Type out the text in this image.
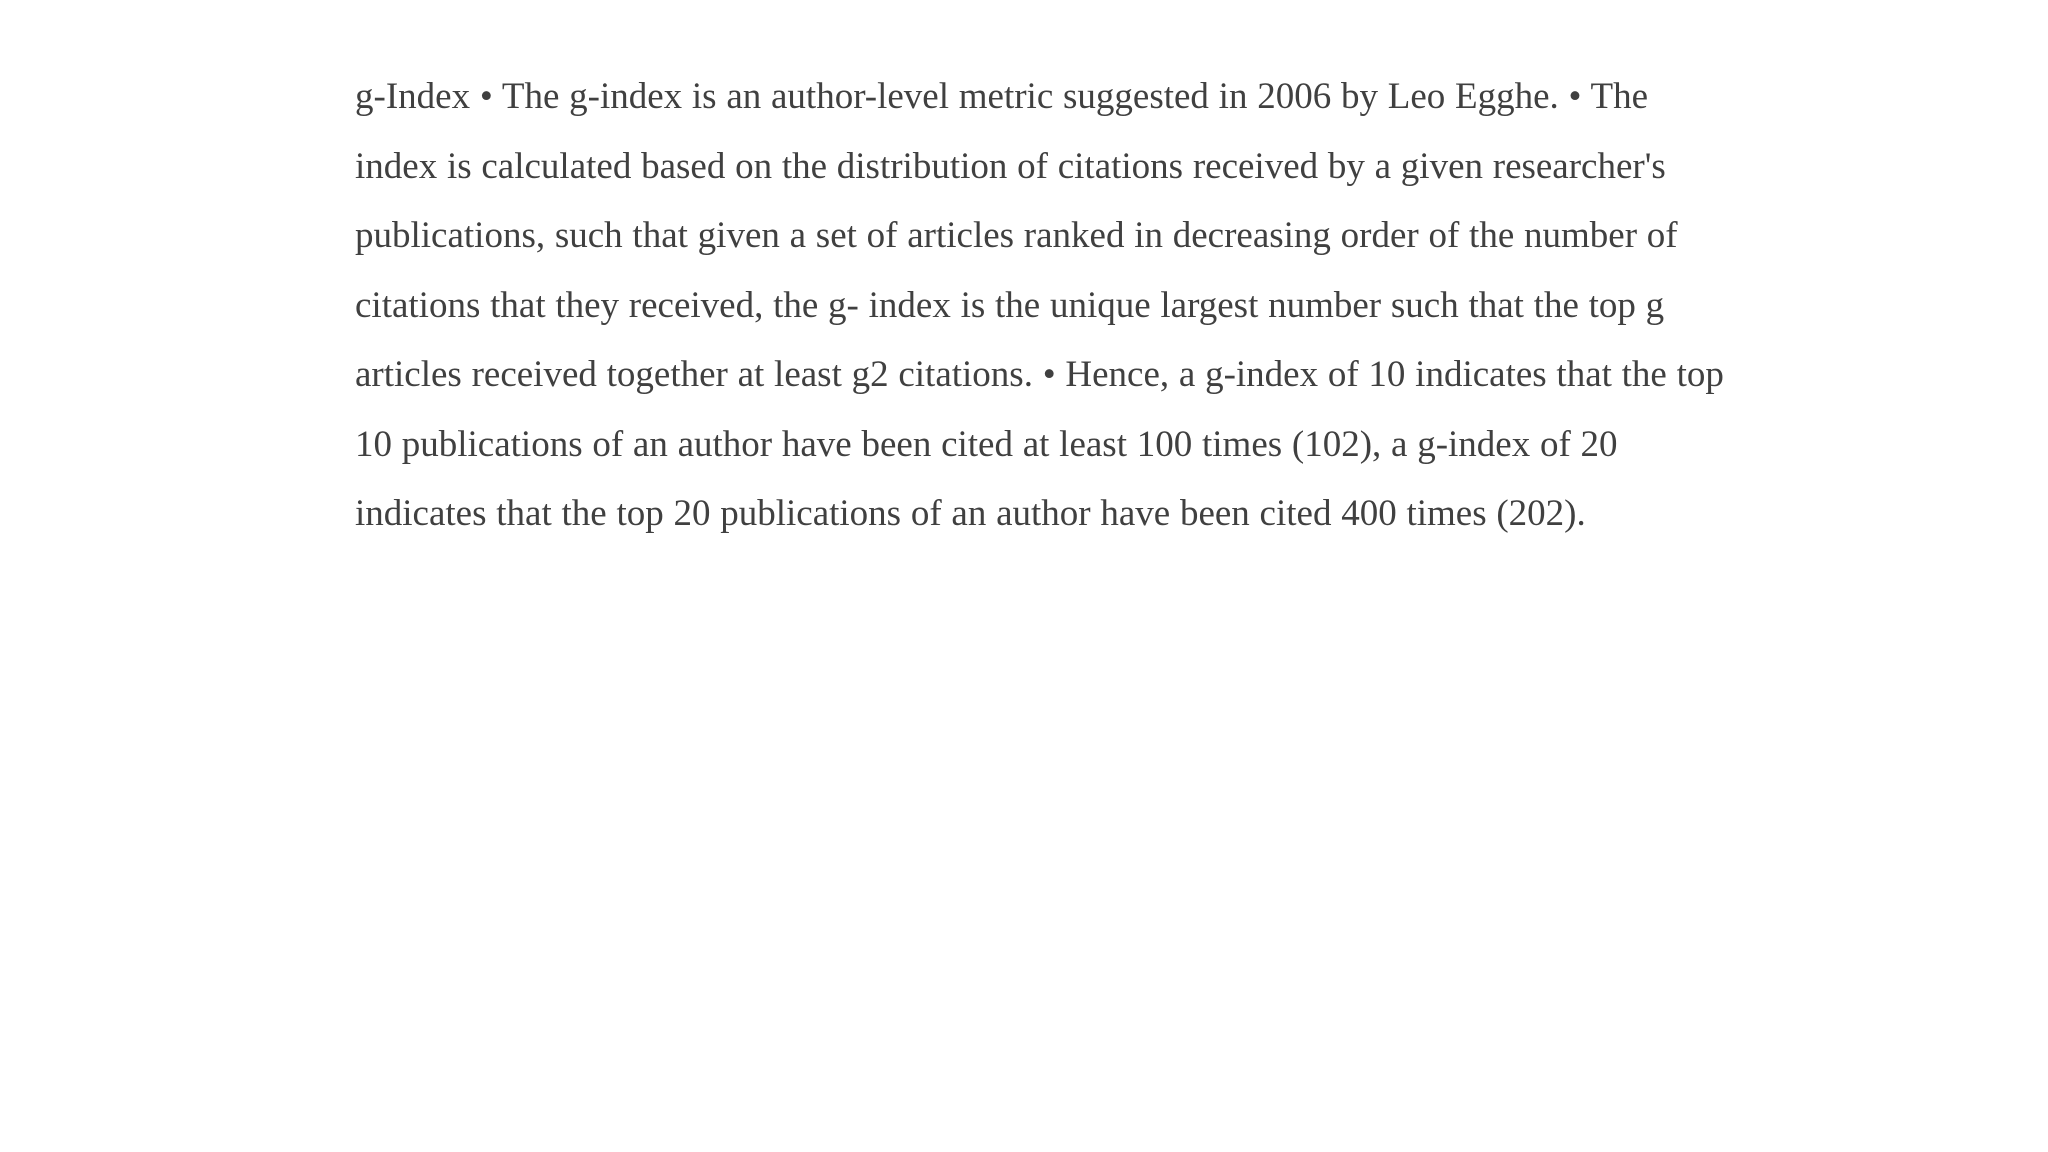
g-Index • The g-index is an author-level metric suggested in 2006 by Leo Egghe. • The
index is calculated based on the distribution of citations received by a given researcher's
publications, such that given a set of articles ranked in decreasing order of the number of
citations that they received, the g- index is the unique largest number such that the top g
articles received together at least g2 citations. • Hence, a g-index of 10 indicates that the top
10 publications of an author have been cited at least 100 times (102), a g-index of 20
indicates that the top 20 publications of an author have been cited 400 times (202).
